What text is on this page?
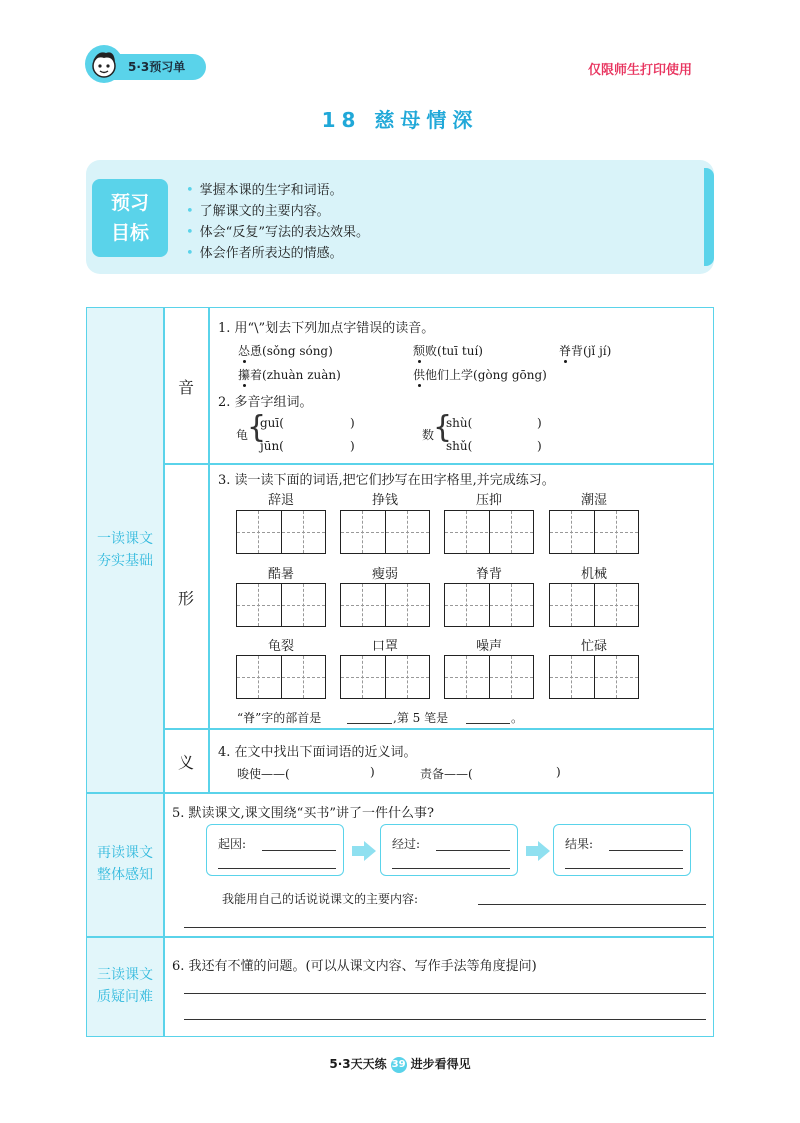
5·3预习单	仅限师生打印使用
18 慈母情深
预习
目标
• 掌握本课的生字和词语。
• 了解课文的主要内容。
• 体会“反复”写法的表达效果。
• 体会作者所表达的情感。
一读课文
夯实基础
再读课文
整体感知
三读课文
质疑问难
音
形
义
1. 用“\”划去下列加点字错误的读音。
怂恿(sǒng sóng)	颓败(tuī tuí)	脊背(jǐ jí)
攥着(zhuàn zuàn)	供他们上学(gòng gōng)
2. 多音字组词。
龟
{
guī(	)
jūn(	)
数
{
shù(	)
shǔ(	)
3. 读一读下面的词语,把它们抄写在田字格里,并完成练习。
辞退	挣钱	压抑	潮湿
酷暑	瘦弱	脊背	机械
龟裂	口罩	噪声	忙碌
“脊”字的部首是	,第 5 笔是	。
4. 在文中找出下面词语的近义词。
唆使——(	)	责备——(	)
5. 默读课文,课文围绕“买书”讲了一件什么事?
起因:	经过:	结果:
我能用自己的话说说课文的主要内容:
6. 我还有不懂的问题。(可以从课文内容、写作手法等角度提问)
5·3天天练 39 进步看得见
